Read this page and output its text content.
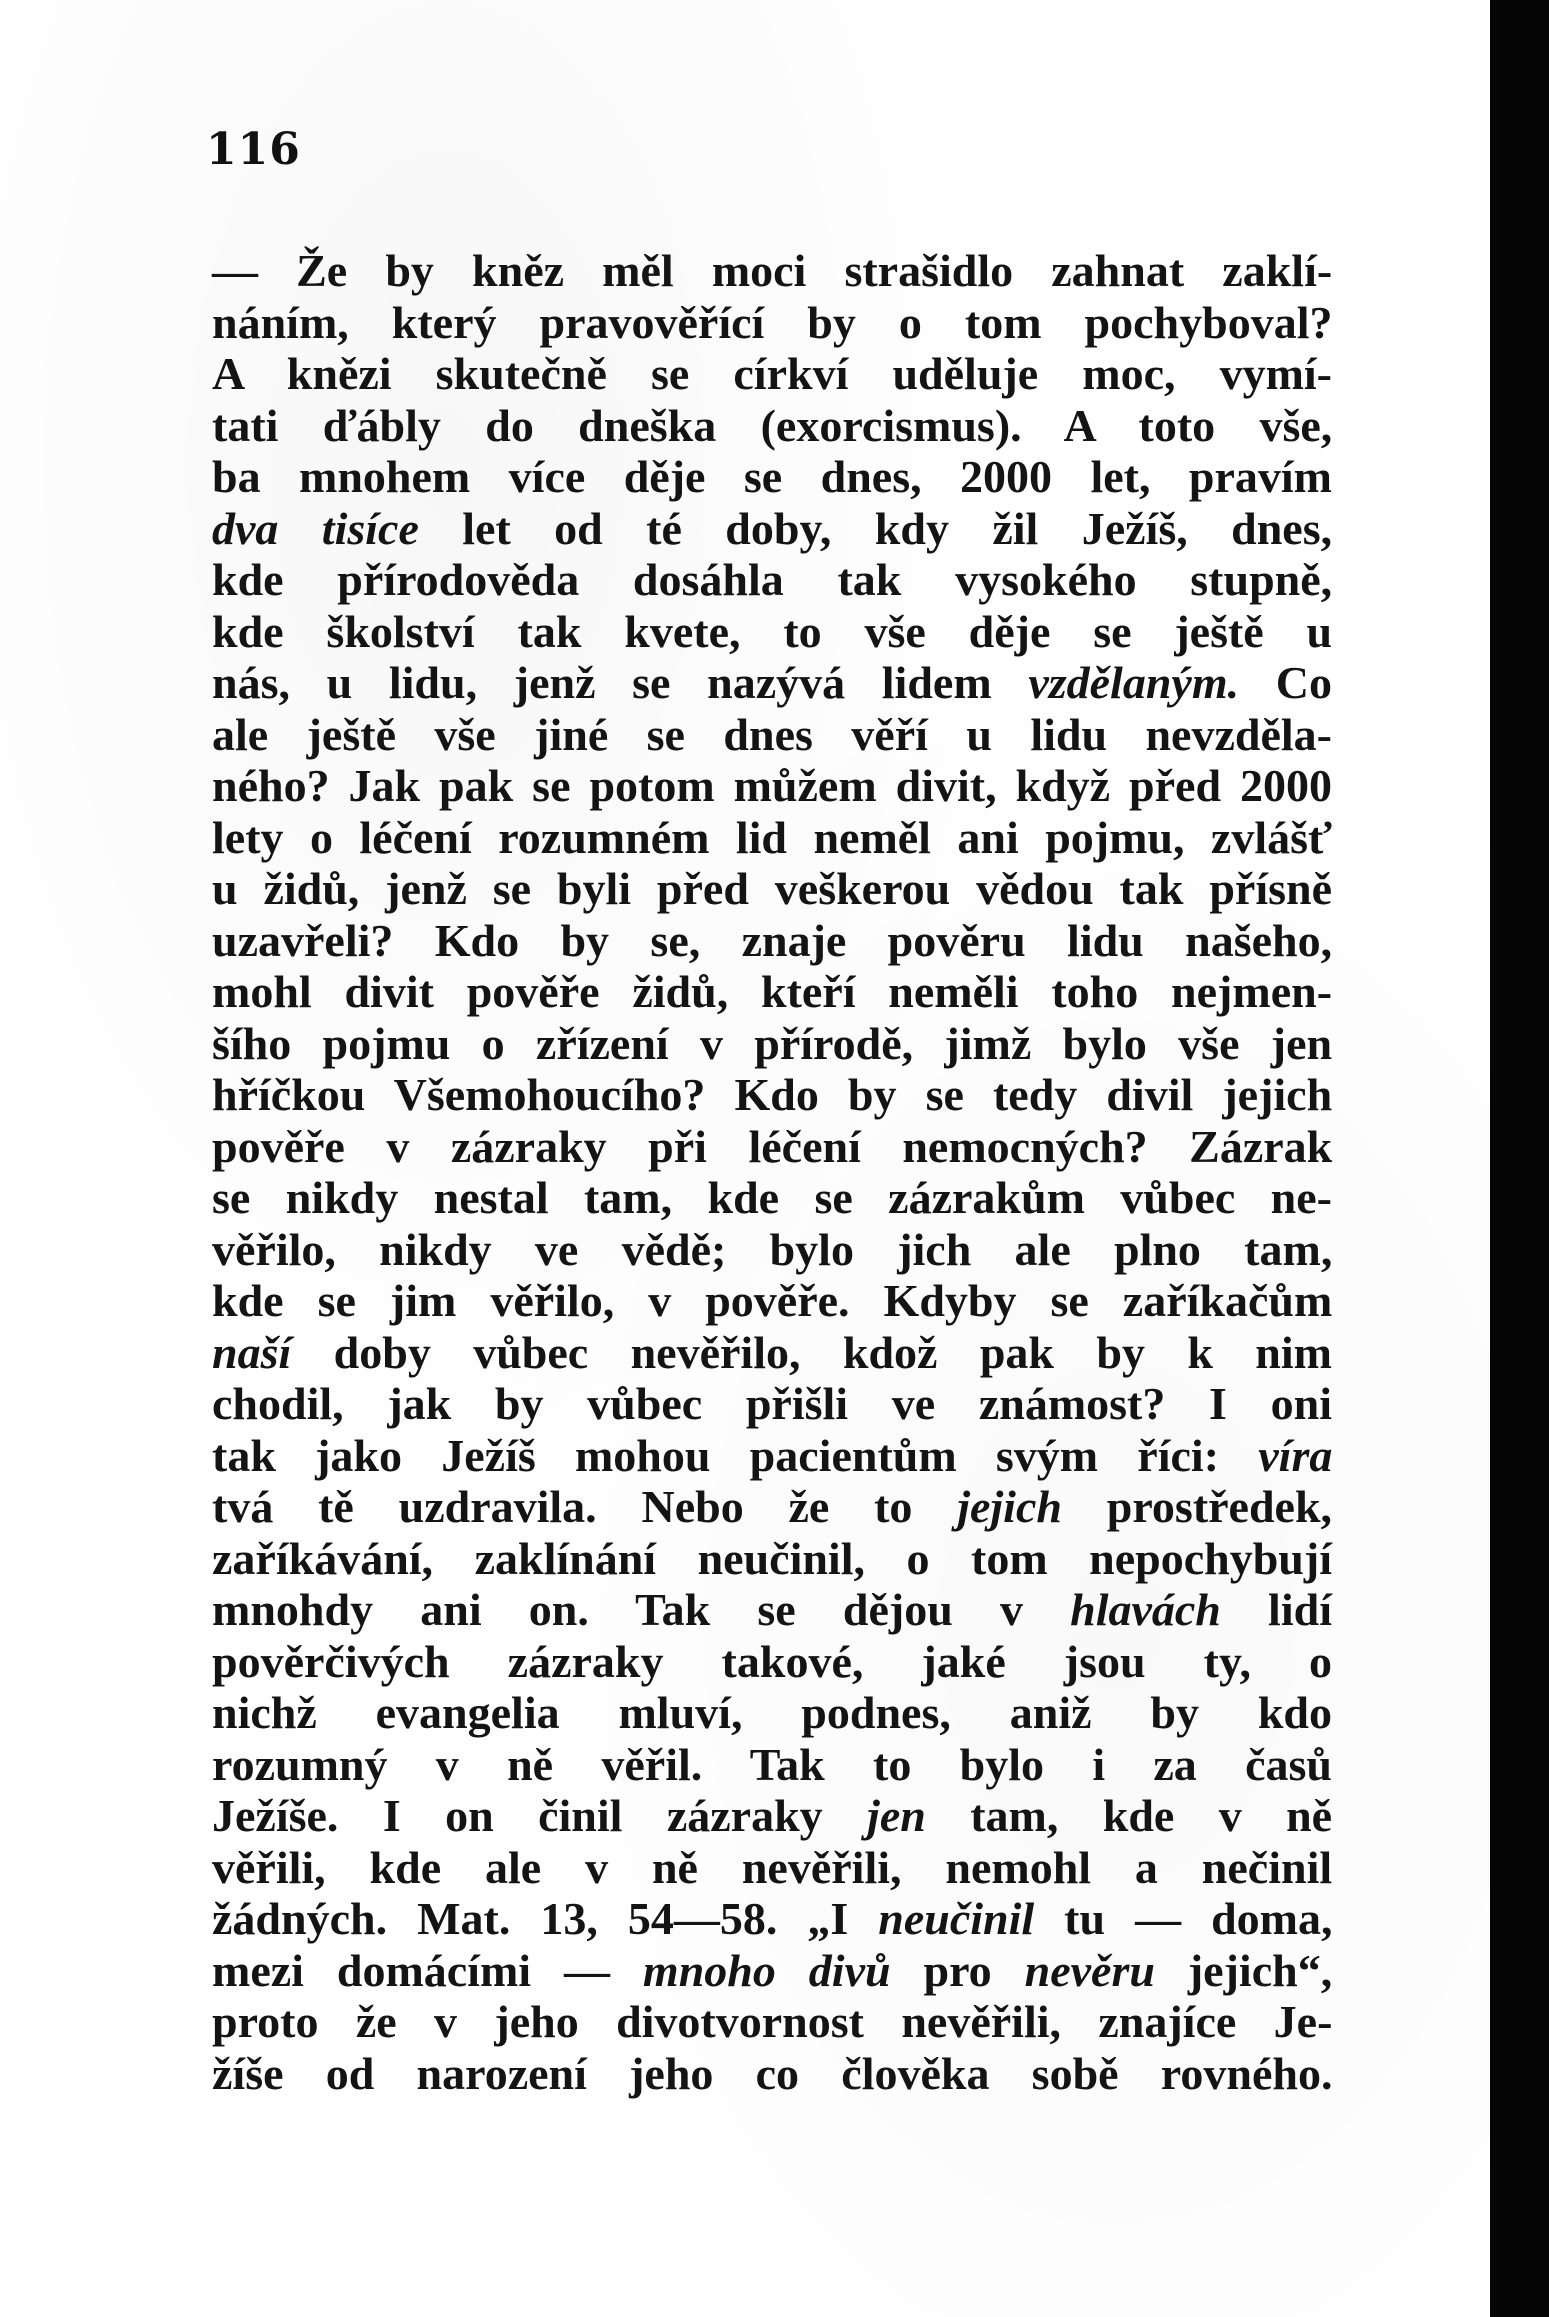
116
— Že by kněz měl moci strašidlo zahnat zaklí-
náním, který pravověřící by o tom pochyboval?
A knězi skutečně se církví uděluje moc, vymí-
tati ďábly do dneška (exorcismus). A toto vše,
ba mnohem více děje se dnes, 2000 let, pravím
dva tisíce let od té doby, kdy žil Ježíš, dnes,
kde přírodověda dosáhla tak vysokého stupně,
kde školství tak kvete, to vše děje se ještě u
nás, u lidu, jenž se nazývá lidem vzdělaným. Co
ale ještě vše jiné se dnes věří u lidu nevzděla-
ného? Jak pak se potom můžem divit, když před 2000
lety o léčení rozumném lid neměl ani pojmu, zvlášť
u židů, jenž se byli před veškerou vědou tak přísně
uzavřeli? Kdo by se, znaje pověru lidu našeho,
mohl divit pověře židů, kteří neměli toho nejmen-
šího pojmu o zřízení v přírodě, jimž bylo vše jen
hříčkou Všemohoucího? Kdo by se tedy divil jejich
pověře v zázraky při léčení nemocných? Zázrak
se nikdy nestal tam, kde se zázrakům vůbec ne-
věřilo, nikdy ve vědě; bylo jich ale plno tam,
kde se jim věřilo, v pověře. Kdyby se zaříkačům
naší doby vůbec nevěřilo, kdož pak by k nim
chodil, jak by vůbec přišli ve známost? I oni
tak jako Ježíš mohou pacientům svým říci: víra
tvá tě uzdravila. Nebo že to jejich prostředek,
zaříkávání, zaklínání neučinil, o tom nepochybují
mnohdy ani on. Tak se dějou v hlavách lidí
pověrčivých zázraky takové, jaké jsou ty, o
nichž evangelia mluví, podnes, aniž by kdo
rozumný v ně věřil. Tak to bylo i za časů
Ježíše. I on činil zázraky jen tam, kde v ně
věřili, kde ale v ně nevěřili, nemohl a nečinil
žádných. Mat. 13, 54—58. „I neučinil tu — doma,
mezi domácími — mnoho divů pro nevěru jejich“,
proto že v jeho divotvornost nevěřili, znajíce Je-
žíše od narození jeho co člověka sobě rovného.
